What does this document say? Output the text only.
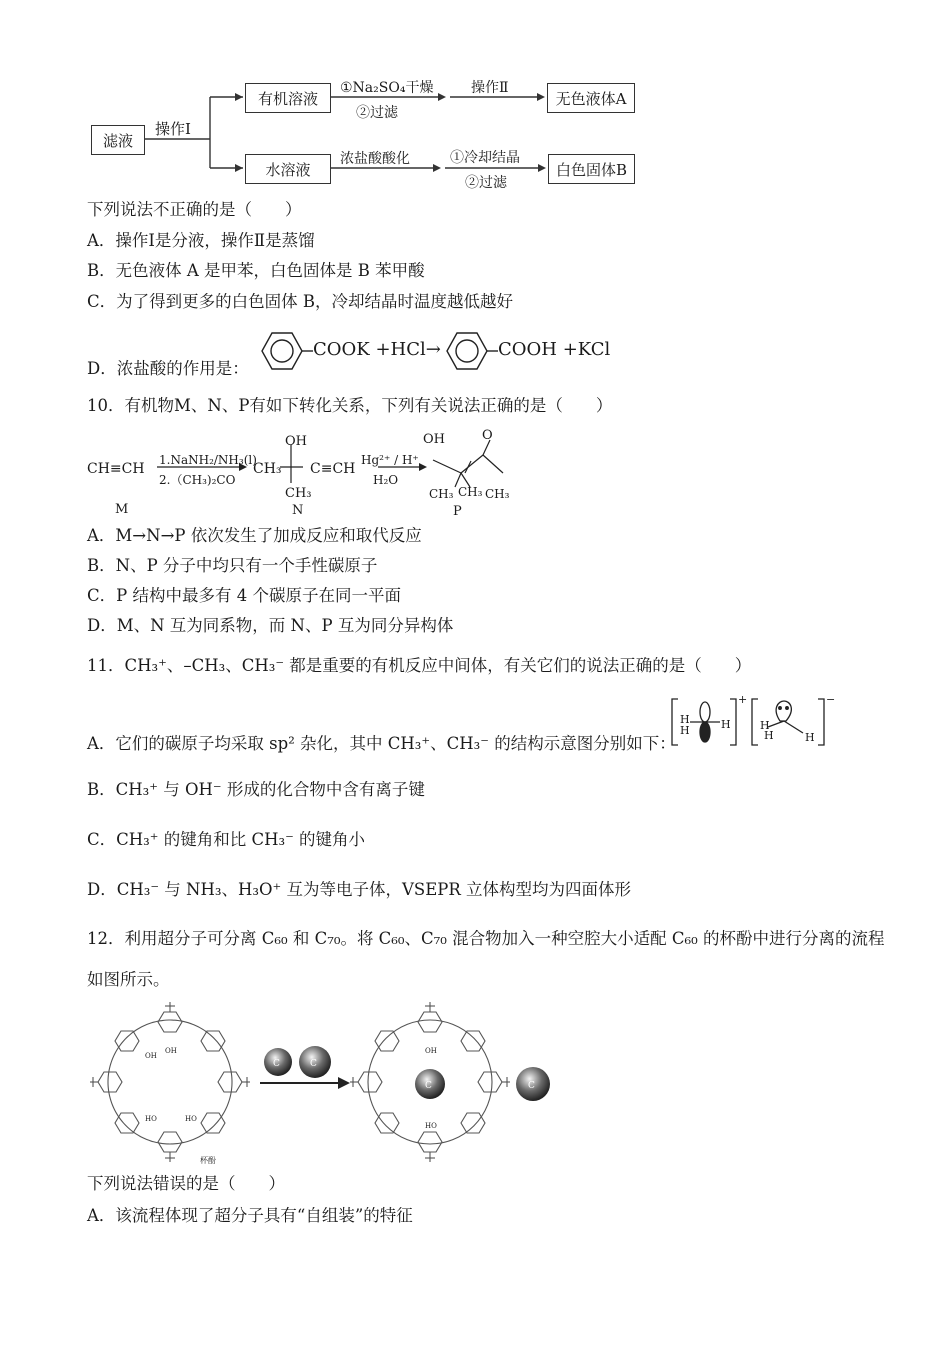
滤液
操作Ⅰ
有机溶液
①Na₂SO₄干燥
②过滤
操作Ⅱ
无色液体A
水溶液
浓盐酸酸化	①冷却结晶
②过滤
白色固体B
下列说法不正确的是（　　）
A．操作Ⅰ是分液，操作Ⅱ是蒸馏
B．无色液体 A 是甲苯，白色固体是 B 苯甲酸
C．为了得到更多的白色固体 B，冷却结晶时温度越低越好
D．浓盐酸的作用是：
COOK +HCl→	COOH +KCl
10．有机物M、N、P有如下转化关系，下列有关说法正确的是（　　）
CH≡CH
M
1.NaNH₂/NH₃(l)
2.（CH₃)₂CO
CH₃ C≡CH
OH
CH₃
N
Hg²⁺ / H⁺
H₂O
OH	O
CH₃ CH₃ CH₃
P
A．M→N→P 依次发生了加成反应和取代反应
B．N、P 分子中均只有一个手性碳原子
C．P 结构中最多有 4 个碳原子在同一平面
D．M、N 互为同系物，而 N、P 互为同分异构体
11．CH₃⁺、–CH₃、CH₃⁻ 都是重要的有机反应中间体，有关它们的说法正确的是（　　）
A．它们的碳原子均采取 sp² 杂化，其中 CH₃⁺、CH₃⁻ 的结构示意图分别如下：
H
H	H
+
H
H	H
−
B．CH₃⁺ 与 OH⁻ 形成的化合物中含有离子键
C．CH₃⁺ 的键角和比 CH₃⁻ 的键角小
D．CH₃⁻ 与 NH₃、H₃O⁺ 互为等电子体，VSEPR 立体构型均为四面体形
12．利用超分子可分离 C₆₀ 和 C₇₀。将 C₆₀、C₇₀ 混合物加入一种空腔大小适配 C₆₀ 的杯酚中进行分离的流程
如图所示。
OH
OH
HO	HO
杯酚
OH
HO
C	C
C	C
下列说法错误的是（　　）
A．该流程体现了超分子具有“自组装”的特征
